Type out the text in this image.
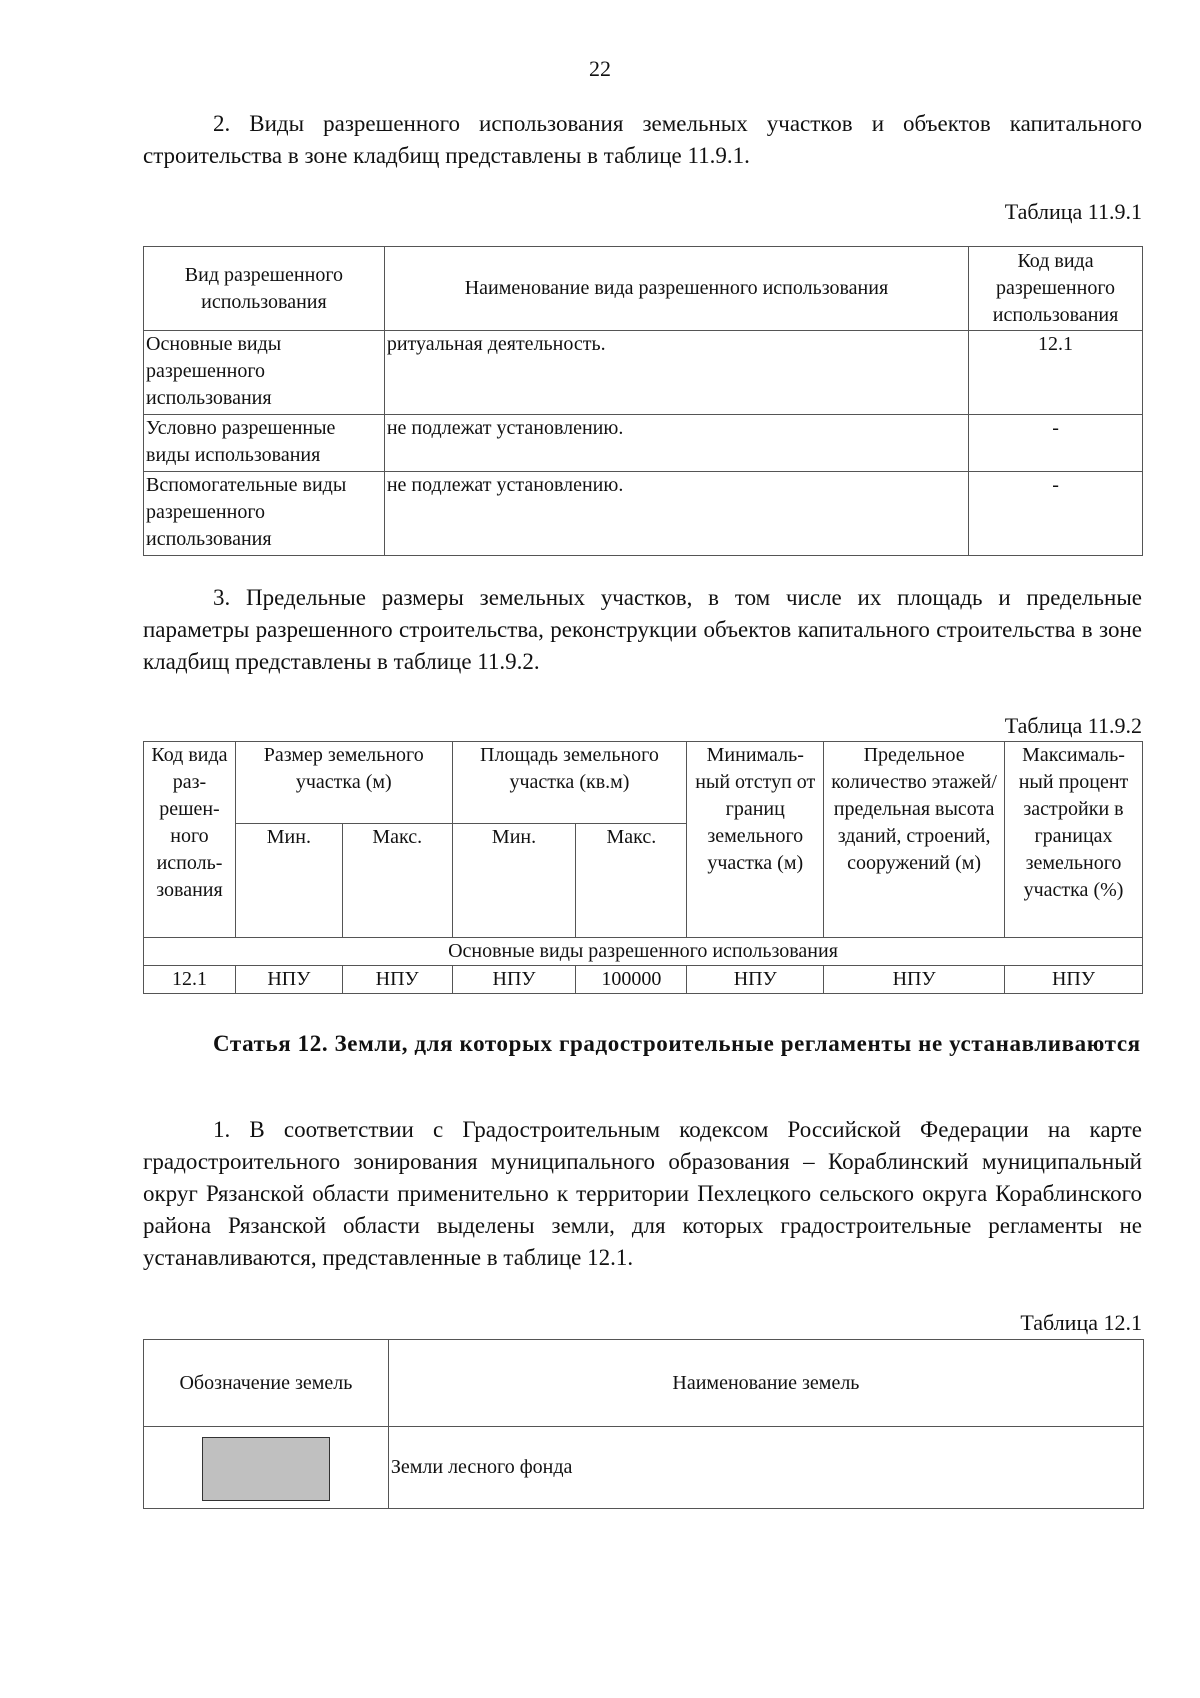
22

2. Виды разрешенного использования земельных участков и объектов капитального строительства в зоне кладбищ представлены в таблице 11.9.1.

Таблица 11.9.1
Вид разрешенного использования	Наименование вида разрешенного использования	Код вида разрешенного использования
Основные виды разрешенного использования	ритуальная деятельность.	12.1
Условно разрешенные виды использования	не подлежат установлению.	-
Вспомогательные виды разрешенного использования	не подлежат установлению.	-

3. Предельные размеры земельных участков, в том числе их площадь и предельные параметры разрешенного строительства, реконструкции объектов капитального строительства в зоне кладбищ представлены в таблице 11.9.2.

Таблица 11.9.2
Код вида раз-решен-ного исполь-зования	Размер земельного участка (м)		Площадь земельного участка (кв.м)		Минималь-ный отступ от границ земельного участка (м)	Предельное количество этажей/ предельная высота зданий, строений, сооружений (м)	Максималь-ный процент застройки в границах земельного участка (%)
	Мин.	Макс.	Мин.	Макс.			
Основные виды разрешенного использования							
12.1	НПУ	НПУ	НПУ	100000	НПУ	НПУ	НПУ

Статья 12. Земли, для которых градостроительные регламенты не устанавливаются

1. В соответствии с Градостроительным кодексом Российской Федерации на карте градостроительного зонирования муниципального образования – Кораблинский муниципальный округ Рязанской области применительно к территории Пехлецкого сельского округа Кораблинского района Рязанской области выделены земли, для которых градостроительные регламенты не устанавливаются, представленные в таблице 12.1.

Таблица 12.1
Обозначение земель	Наименование земель

	Земли лесного фонда
